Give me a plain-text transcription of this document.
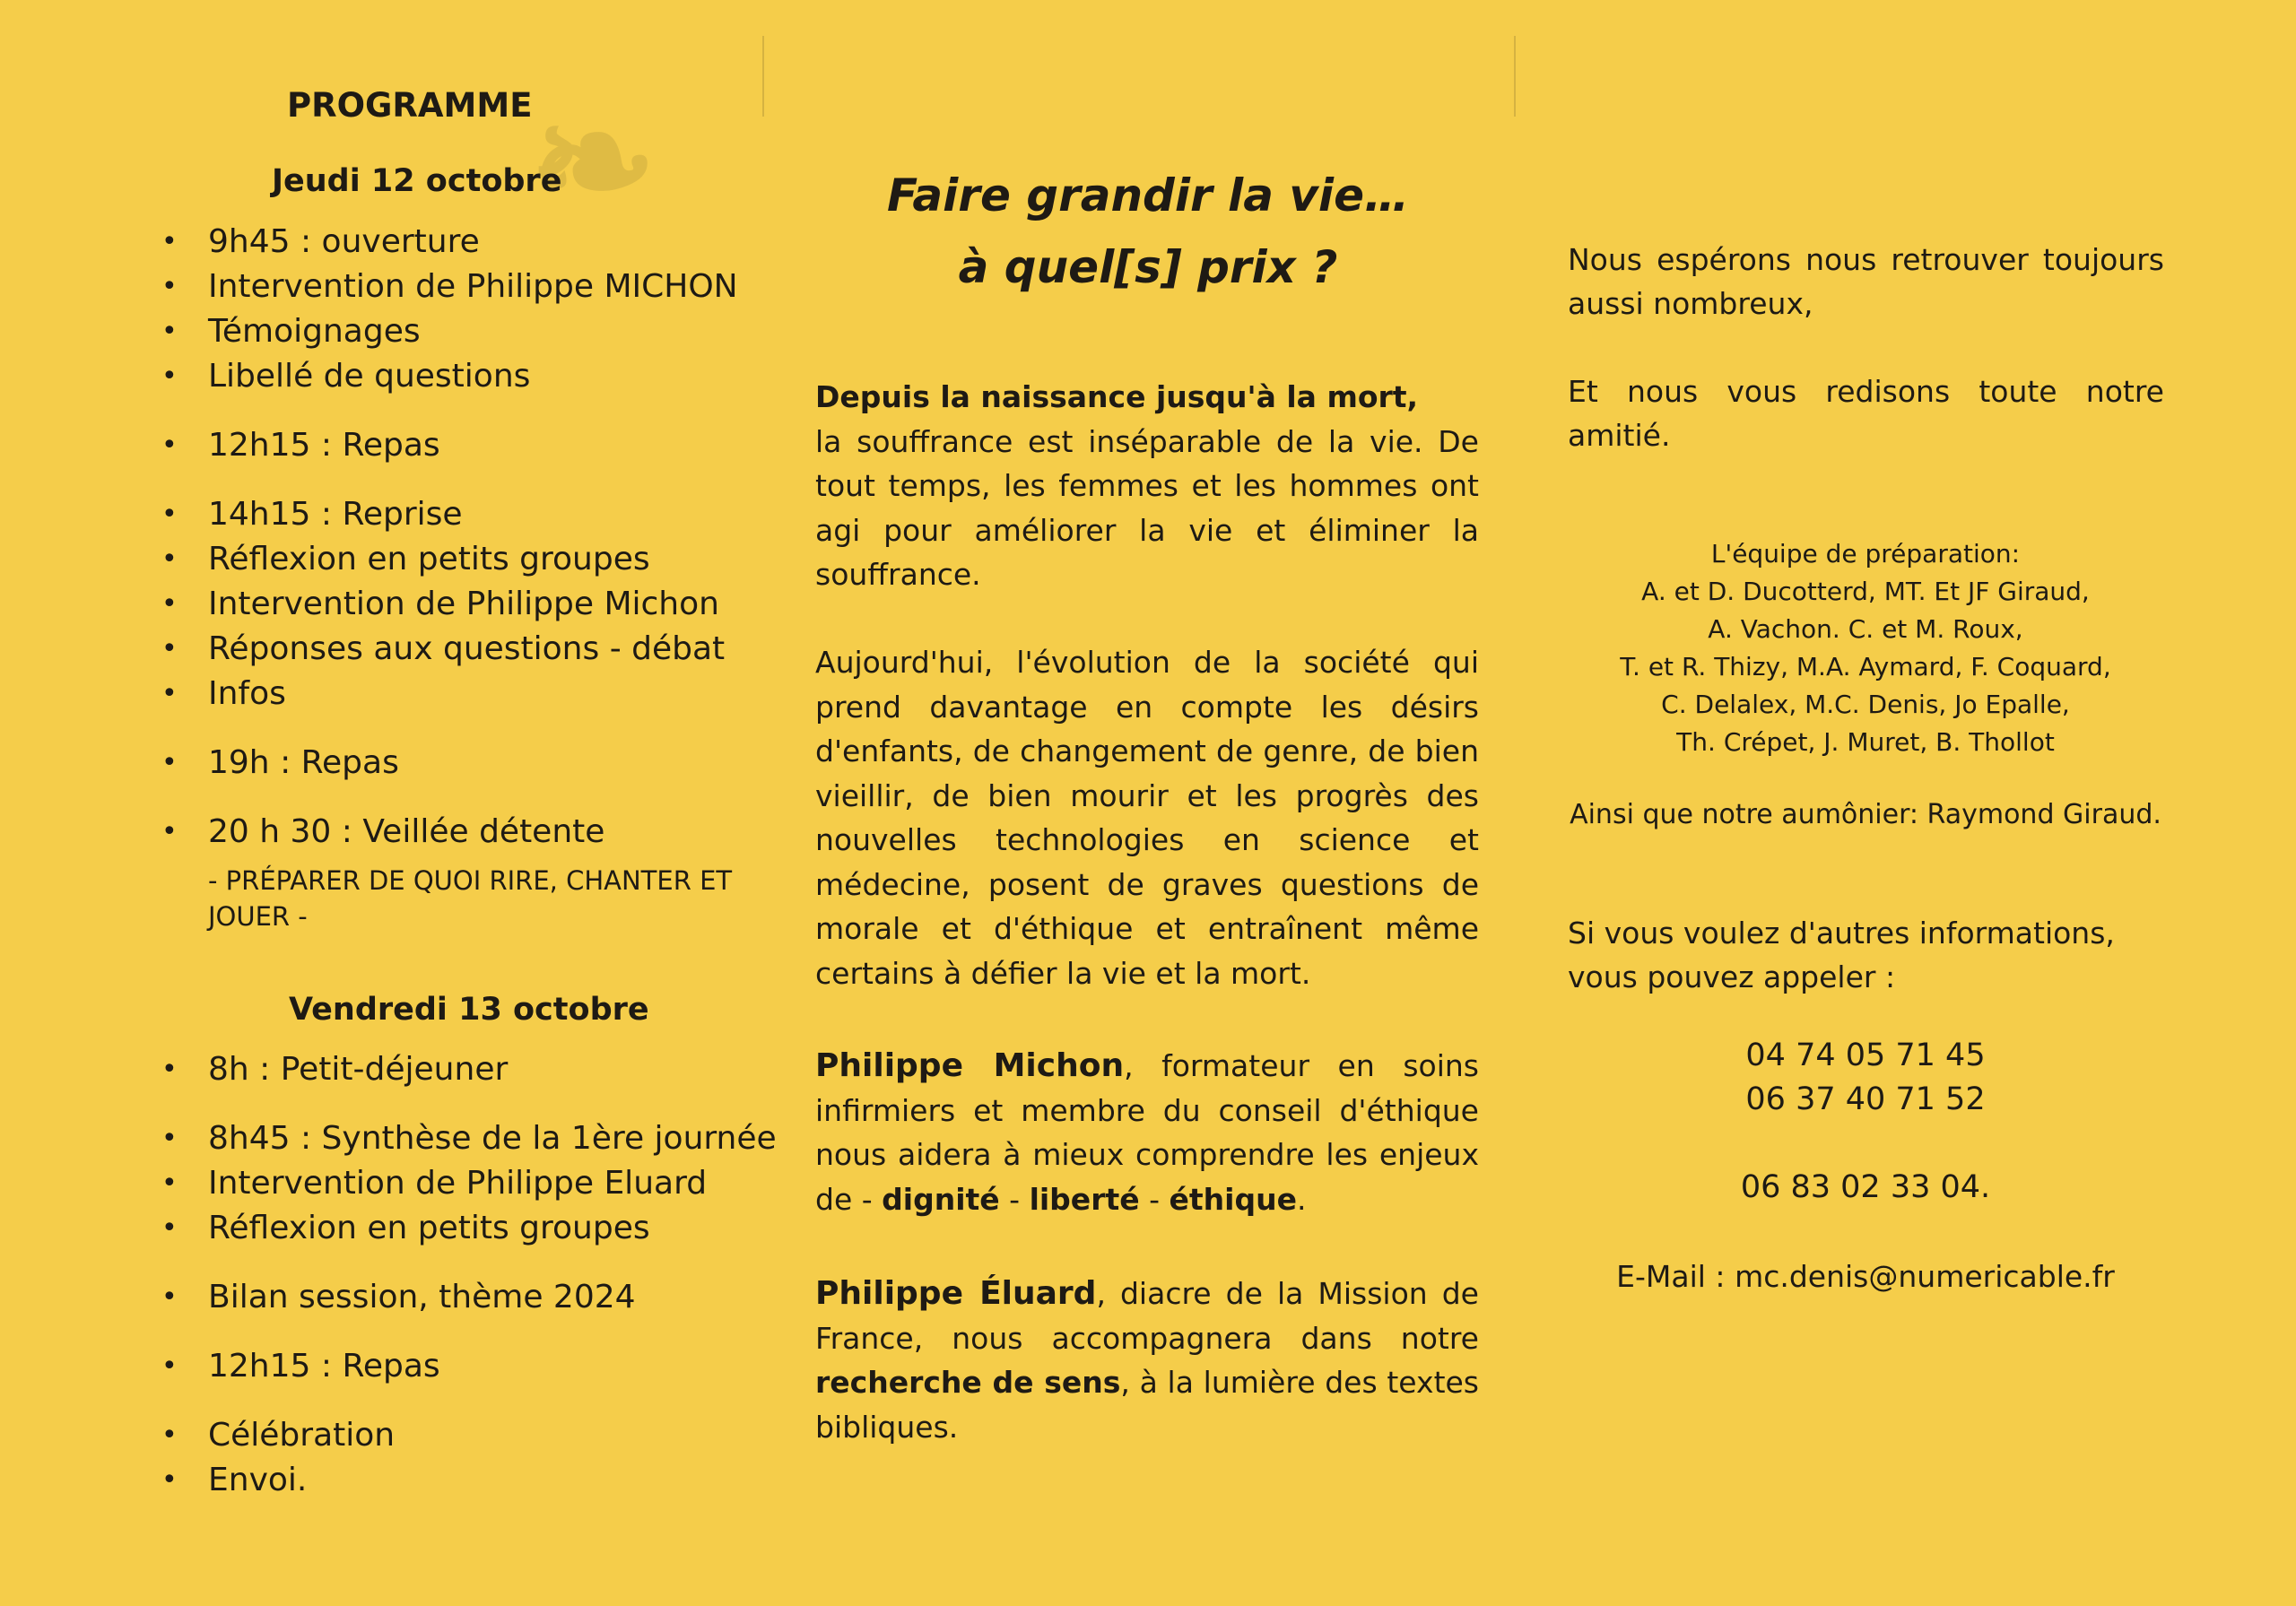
❧
PROGRAMME
Jeudi 12 octobre
• 9h45 : ouverture
• Intervention de Philippe MICHON
• Témoignages
• Libellé de questions
• 12h15 : Repas
• 14h15 : Reprise
• Réflexion en petits groupes
• Intervention de Philippe Michon
• Réponses aux questions - débat
• Infos
• 19h : Repas
• 20 h 30 : Veillée détente
- PRÉPARER DE QUOI RIRE, CHANTER ET JOUER -
Vendredi 13 octobre
• 8h : Petit-déjeuner
• 8h45 : Synthèse de la 1ère journée
• Intervention de Philippe Eluard
• Réflexion en petits groupes
• Bilan session, thème 2024
• 12h15 : Repas
• Célébration
• Envoi.
Faire grandir la vie…
à quel[s] prix ?
Depuis la naissance jusqu'à la mort,
la souffrance est inséparable de la vie. De tout temps, les femmes et les hommes ont agi pour améliorer la vie et éliminer la souffrance.
Aujourd'hui, l'évolution de la société qui prend davantage en compte les désirs d'enfants, de changement de genre, de bien vieillir, de bien mourir et les progrès des nouvelles technologies en science et médecine, posent de graves questions de morale et d'éthique et entraînent même certains à défier la vie et la mort.
Philippe Michon, formateur en soins infirmiers et membre du conseil d'éthique nous aidera à mieux comprendre les enjeux de - dignité - liberté - éthique.
Philippe Éluard, diacre de la Mission de France, nous accompagnera dans notre recherche de sens, à la lumière des textes bibliques.
Nous espérons nous retrouver toujours aussi nombreux,
Et nous vous redisons toute notre amitié.
L'équipe de préparation:
A. et D. Ducotterd, MT. Et JF Giraud,
A. Vachon. C. et M. Roux,
T. et R. Thizy, M.A. Aymard, F. Coquard,
C. Delalex, M.C. Denis, Jo Epalle,
Th. Crépet, J. Muret, B. Thollot
Ainsi que notre aumônier: Raymond Giraud.
Si vous voulez d'autres informations, vous pouvez appeler :
04 74 05 71 45
06 37 40 71 52
06 83 02 33 04.
E-Mail : mc.denis@numericable.fr
